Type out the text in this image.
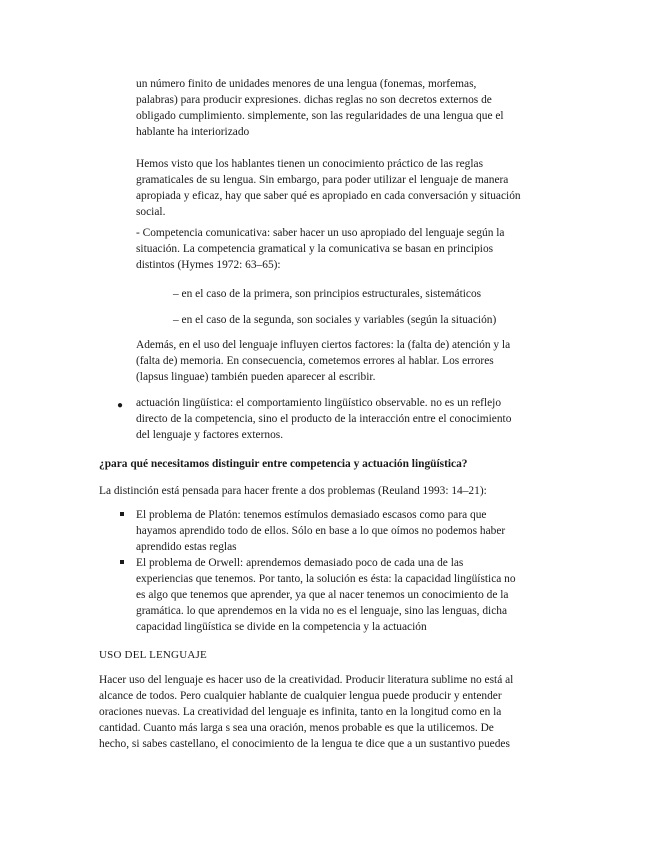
un número finito de unidades menores de una lengua (fonemas, morfemas,
palabras) para producir expresiones. dichas reglas no son decretos externos de
obligado cumplimiento. simplemente, son las regularidades de una lengua que el
hablante ha interiorizado

Hemos visto que los hablantes tienen un conocimiento práctico de las reglas
gramaticales de su lengua. Sin embargo, para poder utilizar el lenguaje de manera
apropiada y eficaz, hay que saber qué es apropiado en cada conversación y situación
social.

- Competencia comunicativa: saber hacer un uso apropiado del lenguaje según la
situación. La competencia gramatical y la comunicativa se basan en principios
distintos (Hymes 1972: 63–65):

– en el caso de la primera, son principios estructurales, sistemáticos
– en el caso de la segunda, son sociales y variables (según la situación)

Además, en el uso del lenguaje influyen ciertos factores: la (falta de) atención y la
(falta de) memoria. En consecuencia, cometemos errores al hablar. Los errores
(lapsus linguae) también pueden aparecer al escribir.

● actuación lingüística: el comportamiento lingüístico observable. no es un reflejo
directo de la competencia, sino el producto de la interacción entre el conocimiento
del lenguaje y factores externos.
¿para qué necesitamos distinguir entre competencia y actuación lingüística?
La distinción está pensada para hacer frente a dos problemas (Reuland 1993: 14–21):
El problema de Platón: tenemos estímulos demasiado escasos como para que
hayamos aprendido todo de ellos. Sólo en base a lo que oímos no podemos haber
aprendido estas reglas
El problema de Orwell: aprendemos demasiado poco de cada una de las
experiencias que tenemos. Por tanto, la solución es ésta: la capacidad lingüística no
es algo que tenemos que aprender, ya que al nacer tenemos un conocimiento de la
gramática. lo que aprendemos en la vida no es el lenguaje, sino las lenguas, dicha
capacidad lingüística se divide en la competencia y la actuación
USO DEL LENGUAJE

Hacer uso del lenguaje es hacer uso de la creatividad. Producir literatura sublime no está al
alcance de todos. Pero cualquier hablante de cualquier lengua puede producir y entender
oraciones nuevas. La creatividad del lenguaje es infinita, tanto en la longitud como en la
cantidad. Cuanto más larga s sea una oración, menos probable es que la utilicemos. De
hecho, si sabes castellano, el conocimiento de la lengua te dice que a un sustantivo puedes
